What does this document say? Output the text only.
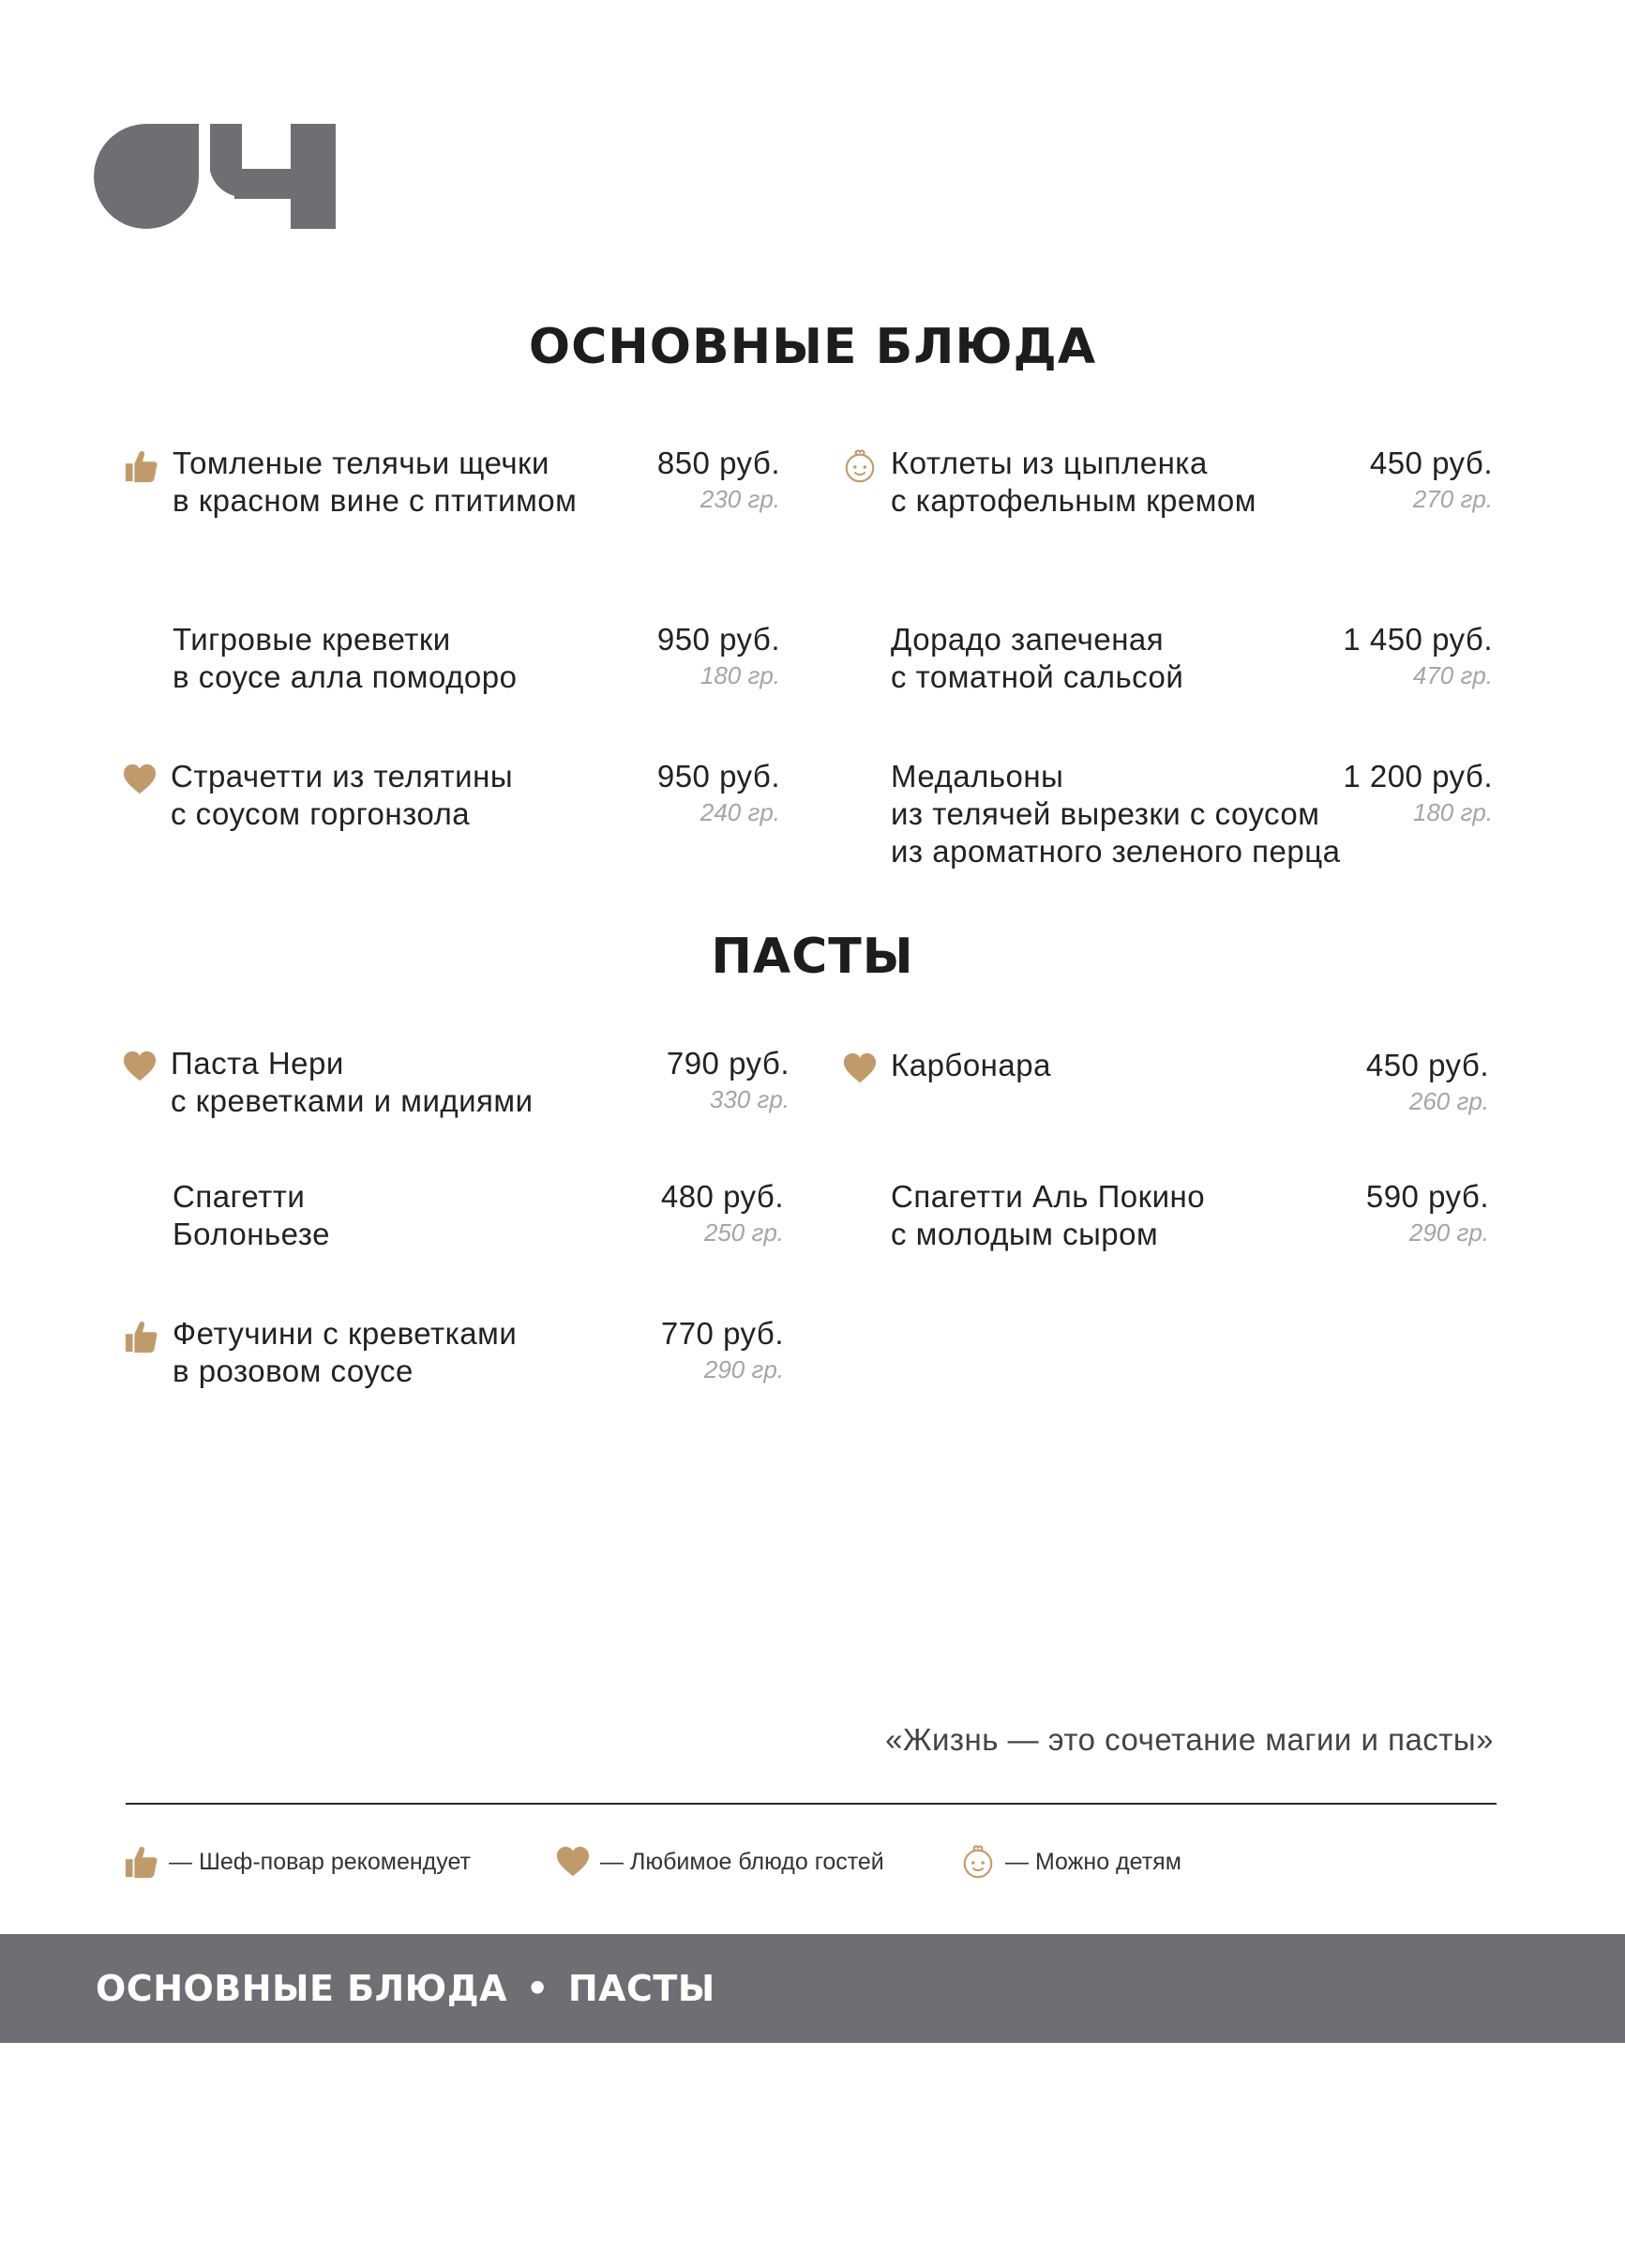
ОСНОВНЫЕ БЛЮДА
Томленые телячьи щечки
в красном вине с птитимом
850 руб.
230 гр.
Котлеты из цыпленка
с картофельным кремом
450 руб.
270 гр.
Тигровые креветки
в соусе алла помодоро
950 руб.
180 гр.
Дорадо запеченая
с томатной сальсой
1 450 руб.
470 гр.
Страчетти из телятины
с соусом горгонзола
950 руб.
240 гр.
Медальоны
из телячей вырезки с соусом
из ароматного зеленого перца
1 200 руб.
180 гр.
ПАСТЫ
Паста Нери
с креветками и мидиями
790 руб.
330 гр.
Карбонара	450 руб.
260 гр.
Спагетти
Болоньезе
480 руб.
250 гр.
Спагетти Аль Покино
с молодым сыром
590 руб.
290 гр.
Фетучини с креветками
в розовом соусе
770 руб.
290 гр.
«Жизнь — это сочетание магии и пасты»
— Шеф-повар рекомендует	— Любимое блюдо гостей	— Можно детям
ОСНОВНЫЕ БЛЮДА • ПАСТЫ
